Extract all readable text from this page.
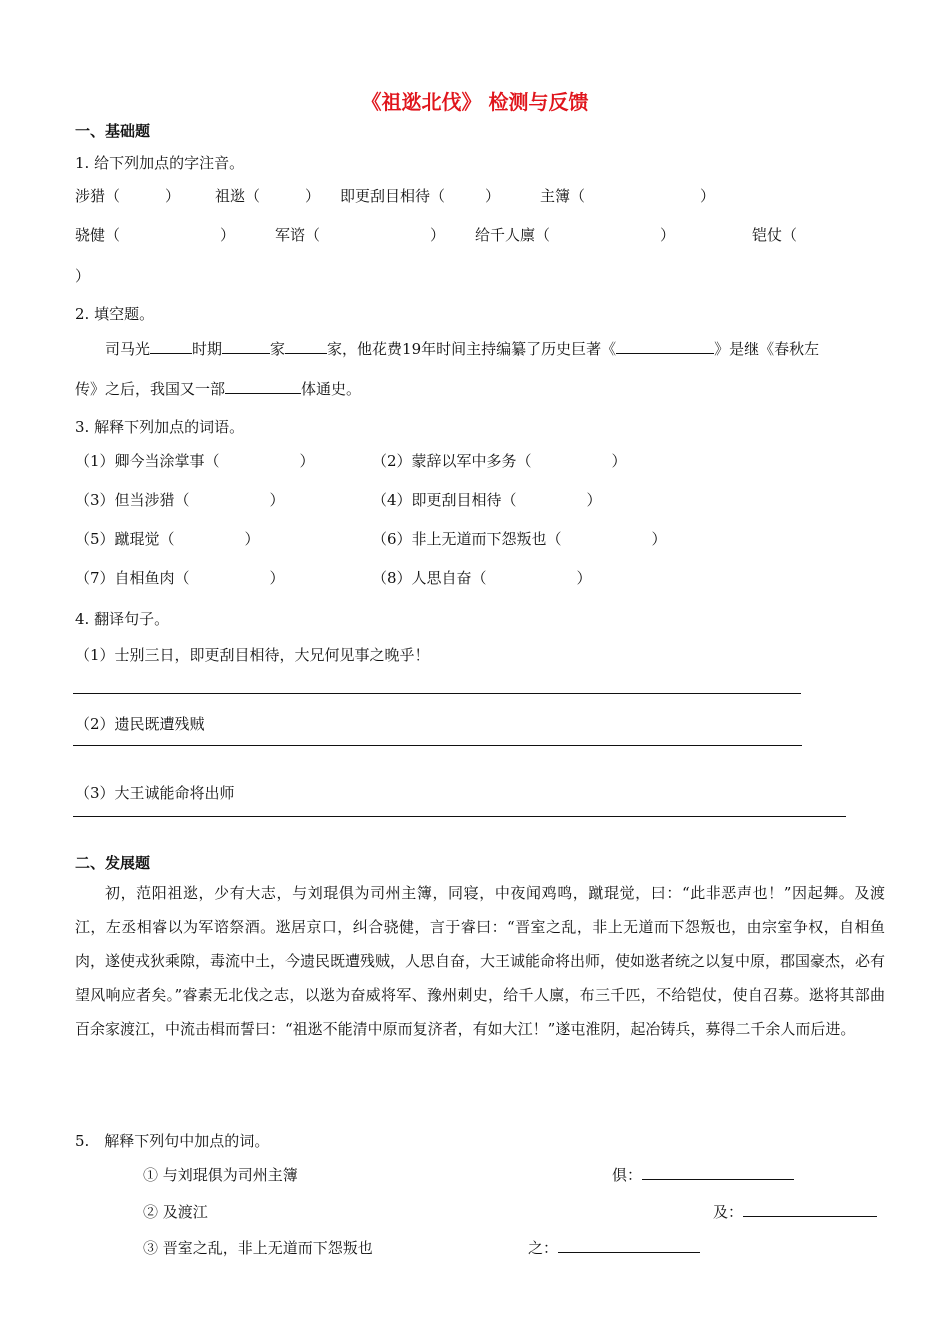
《祖逖北伐》 检测与反馈
一、基础题
1. 给下列加点的字注音。
涉猎（	） 祖逖（	） 即更刮目相待（	）	主簿（	）
骁健（	）	军谘（	） 给千人廪（	）	铠仗（
）
2. 填空题。
司马光	时期	家	家，他花费19年时间主持编纂了历史巨著《	》是继《春秋左
传》之后，我国又一部	体通史。
3. 解释下列加点的词语。
（1）卿今当涂掌事（	）	（2）蒙辞以军中多务（	）
（3）但当涉猎（	）	（4）即更刮目相待（	）
（5）蹴琨觉（	）	（6）非上无道而下怨叛也（	）
（7）自相鱼肉（	）	（8）人思自奋（	）
4. 翻译句子。
（1）士别三日，即更刮目相待，大兄何见事之晚乎！
（2）遗民既遭残贼
（3）大王诚能命将出师
二、发展题
初，范阳祖逖，少有大志，与刘琨俱为司州主簿，同寝，中夜闻鸡鸣，蹴琨觉，曰：“此非恶声也！”因起舞。及渡江，左丞相睿以为军谘祭酒。逖居京口，纠合骁健，言于睿曰：“晋室之乱，非上无道而下怨叛也，由宗室争权，自相鱼肉，遂使戎狄乘隙，毒流中土，今遗民既遭残贼，人思自奋，大王诚能命将出师，使如逖者统之以复中原，郡国豪杰，必有望风响应者矣。”睿素无北伐之志，以逖为奋威将军、豫州刺史，给千人廪，布三千匹，不给铠仗，使自召募。逖将其部曲百余家渡江，中流击楫而誓曰：“祖逖不能清中原而复济者，有如大江！”遂屯淮阴，起冶铸兵，募得二千余人而后进。
5.　解释下列句中加点的词。
① 与刘琨俱为司州主簿	俱：
② 及渡江	及：
③ 晋室之乱，非上无道而下怨叛也	之：
